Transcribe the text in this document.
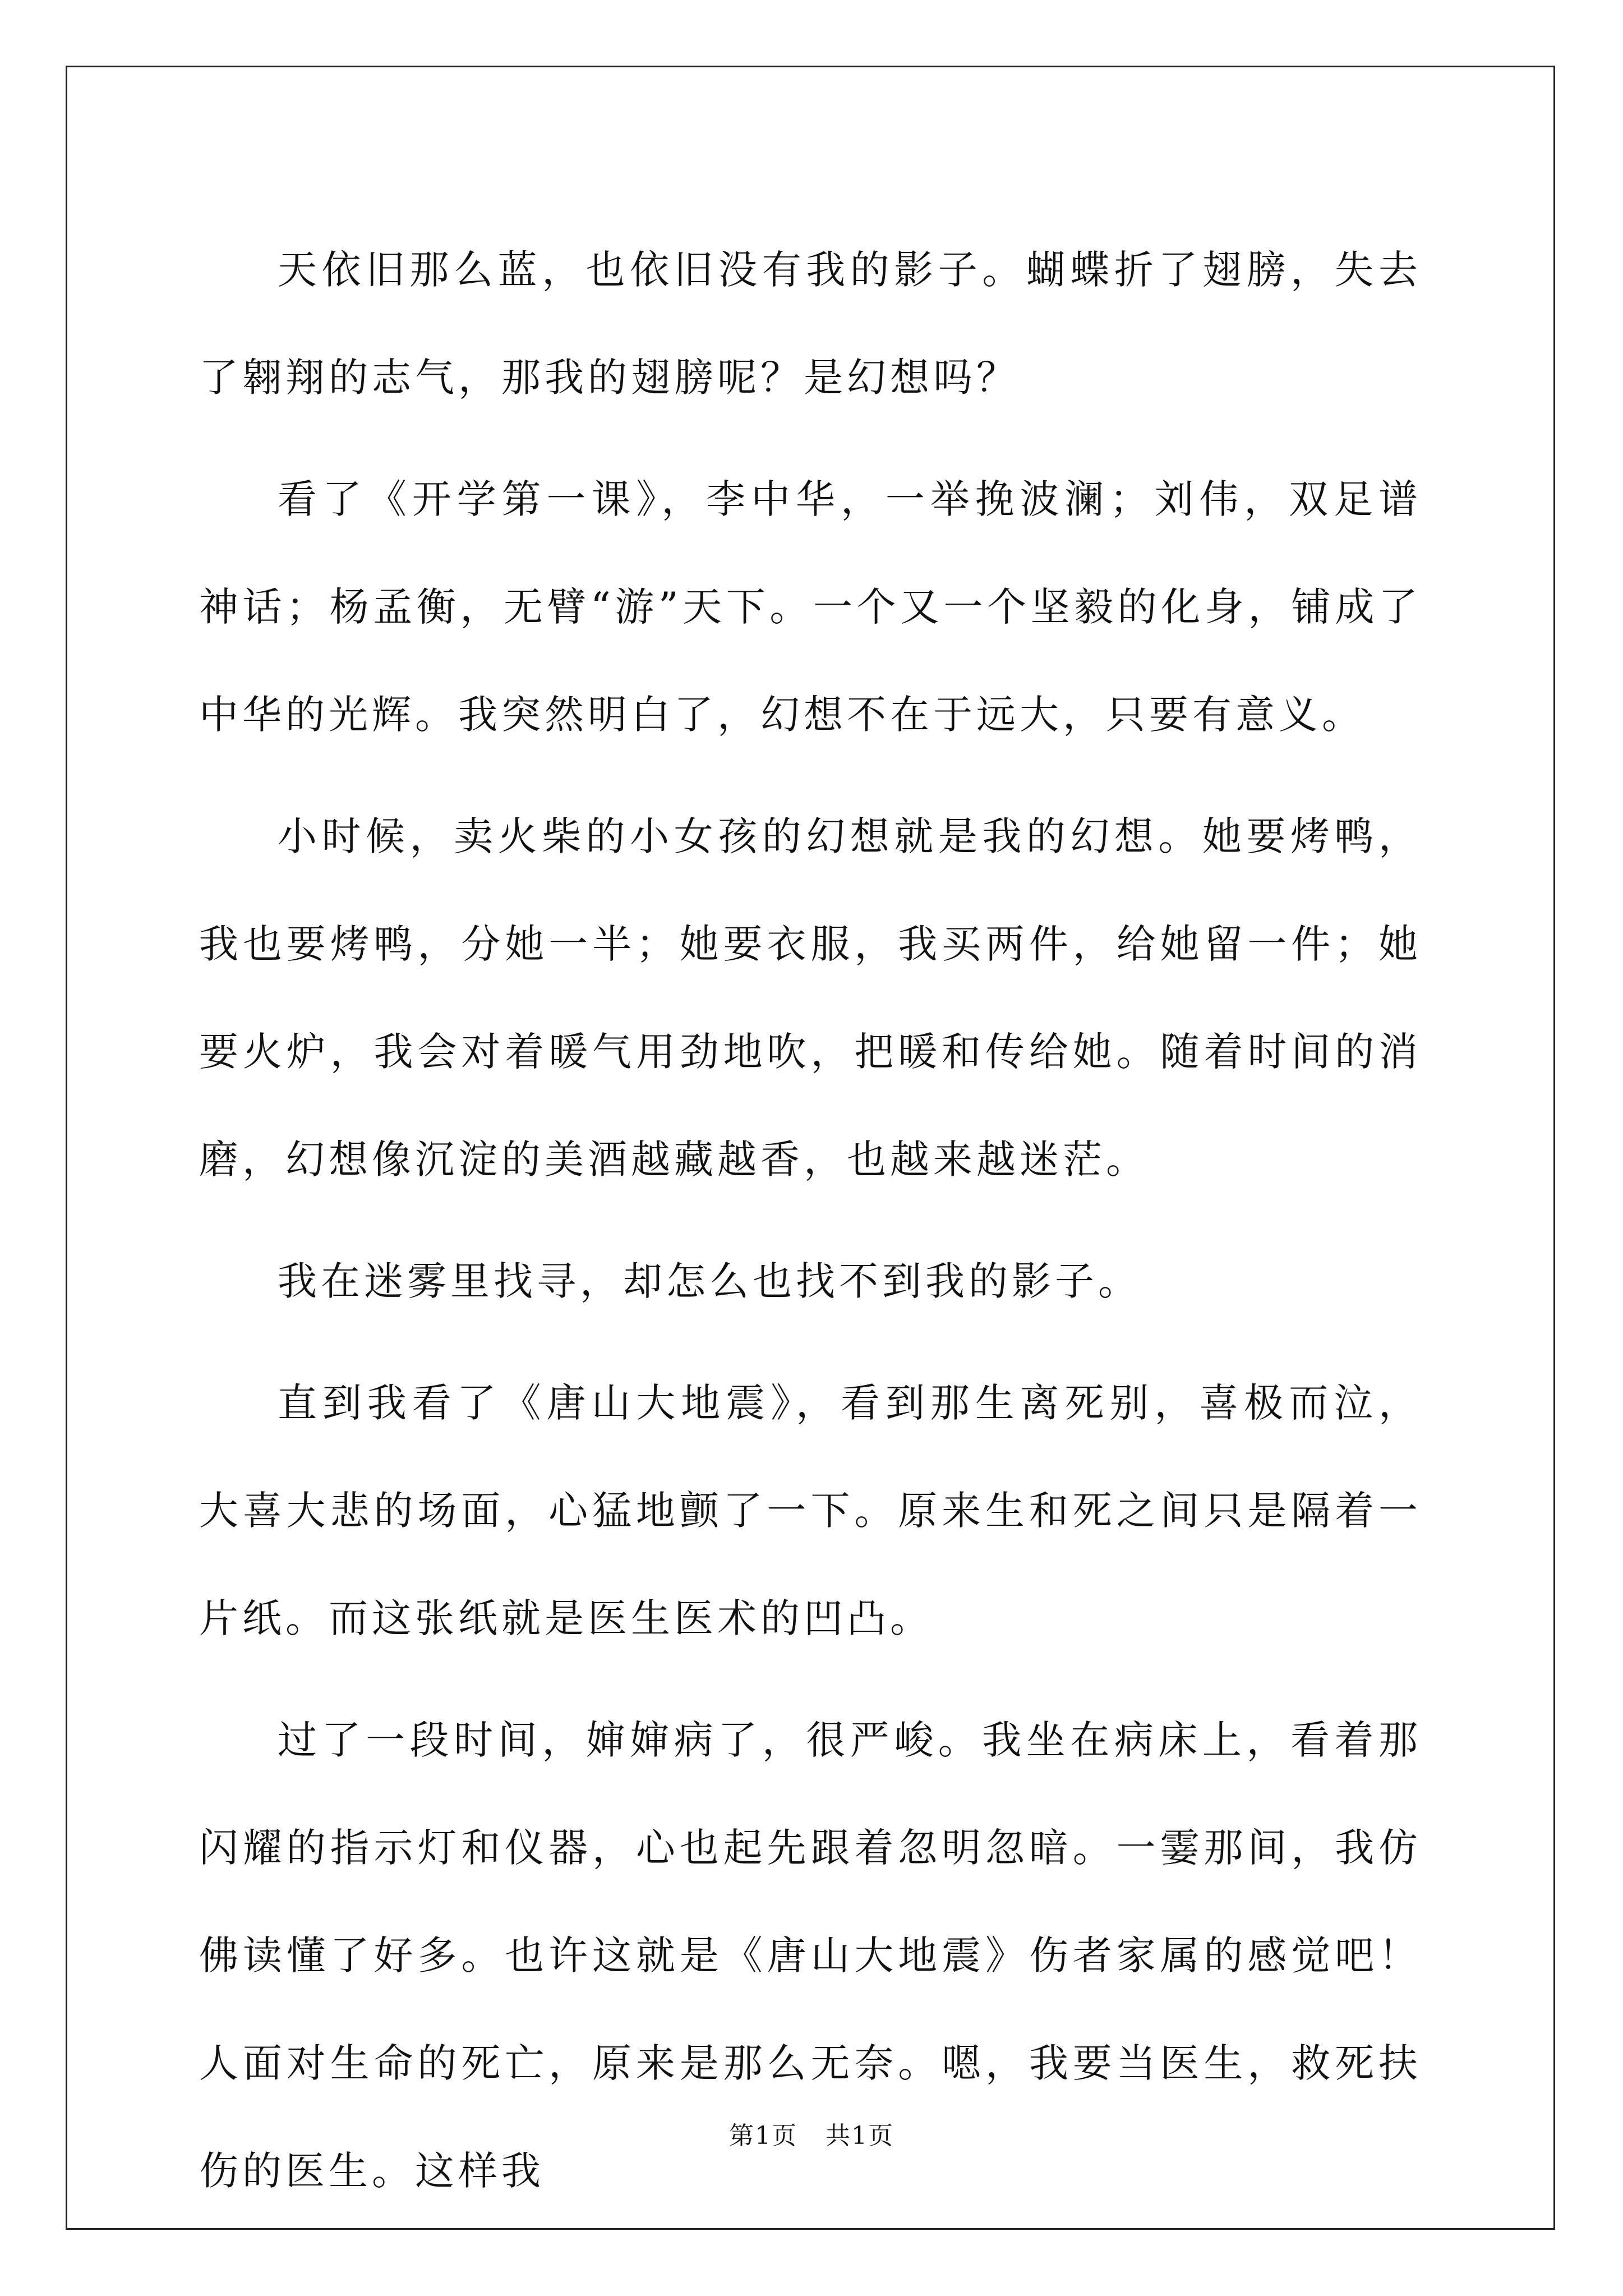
天依旧那么蓝，也依旧没有我的影子。蝴蝶折了翅膀，失去了翱翔的志气，那我的翅膀呢？是幻想吗？

看了《开学第一课》，李中华，一举挽波澜；刘伟，双足谱神话；杨孟衡，无臂“游”天下。一个又一个坚毅的化身，铺成了中华的光辉。我突然明白了，幻想不在于远大，只要有意义。

小时候，卖火柴的小女孩的幻想就是我的幻想。她要烤鸭，我也要烤鸭，分她一半；她要衣服，我买两件，给她留一件；她要火炉，我会对着暖气用劲地吹，把暖和传给她。随着时间的消磨，幻想像沉淀的美酒越藏越香，也越来越迷茫。

我在迷雾里找寻，却怎么也找不到我的影子。

直到我看了《唐山大地震》，看到那生离死别，喜极而泣，大喜大悲的场面，心猛地颤了一下。原来生和死之间只是隔着一片纸。而这张纸就是医生医术的凹凸。

过了一段时间，婶婶病了，很严峻。我坐在病床上，看着那闪耀的指示灯和仪器，心也起先跟着忽明忽暗。一霎那间，我仿佛读懂了好多。也许这就是《唐山大地震》伤者家属的感觉吧！人面对生命的死亡，原来是那么无奈。嗯，我要当医生，救死扶伤的医生。这样我

第1页 共1页
